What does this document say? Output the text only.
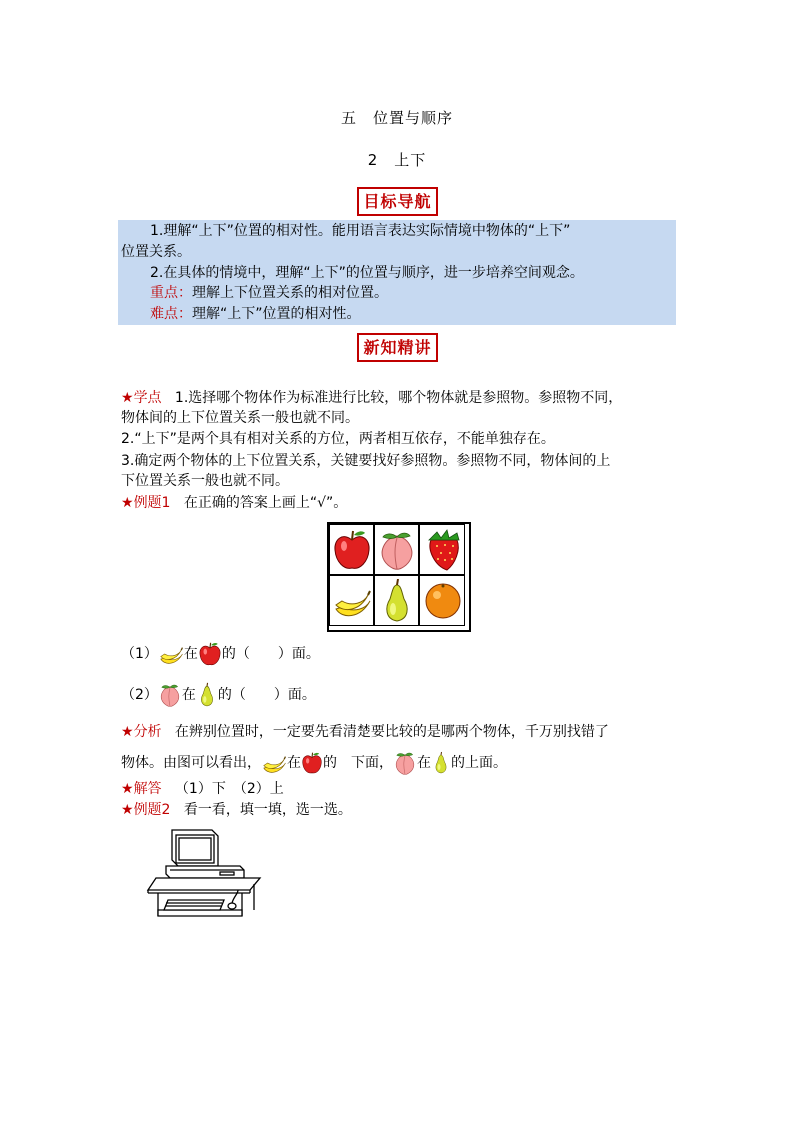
五　位置与顺序
2　上下
目标导航
1.理解“上下”位置的相对性。能用语言表达实际情境中物体的“上下”
位置关系。
2.在具体的情境中，理解“上下”的位置与顺序，进一步培养空间观念。
重点：理解上下位置关系的相对位置。
难点：理解“上下”位置的相对性。
新知精讲
★学点 1.选择哪个物体作为标准进行比较，哪个物体就是参照物。参照物不同，
物体间的上下位置关系一般也就不同。
2.“上下”是两个具有相对关系的方位，两者相互依存，不能单独存在。
3.确定两个物体的上下位置关系，关键要找好参照物。参照物不同，物体间的上
下位置关系一般也就不同。
★例题1 在正确的答案上画上“√”。
（1） 在 的（　　）面。
（2） 在 的（　　）面。
★分析 在辨别位置时，一定要先看清楚要比较的是哪两个物体，千万别找错了
物体。由图可以看出， 在 的　下面， 在 的上面。
★解答 （1）下　（2）上
★例题2 看一看，填一填，选一选。
